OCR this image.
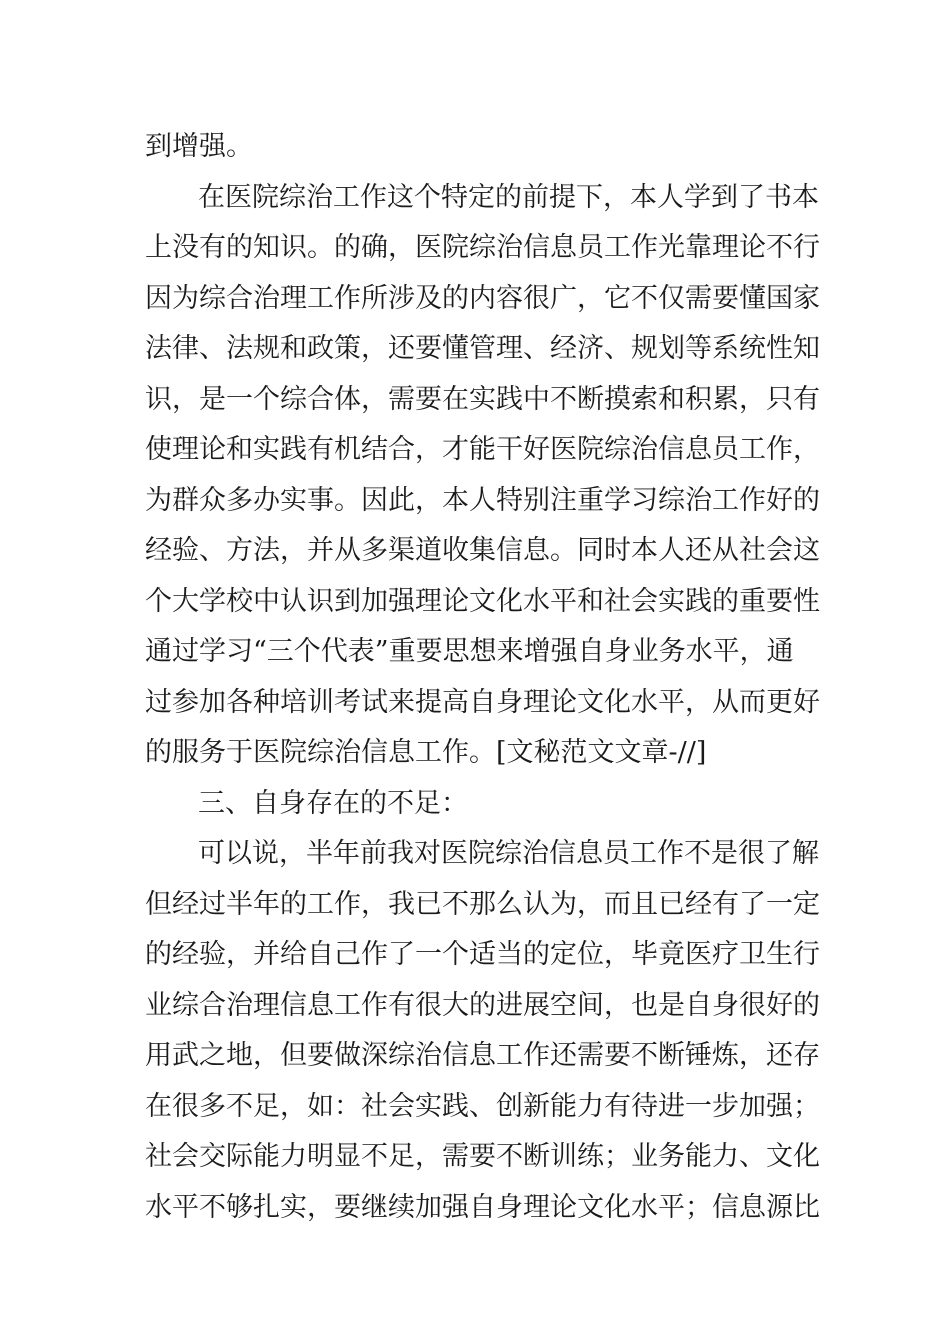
到增强。
在医院综治工作这个特定的前提下，本人学到了书本
上没有的知识。的确，医院综治信息员工作光靠理论不行
因为综合治理工作所涉及的内容很广，它不仅需要懂国家
法律、法规和政策，还要懂管理、经济、规划等系统性知
识，是一个综合体，需要在实践中不断摸索和积累，只有
使理论和实践有机结合，才能干好医院综治信息员工作，
为群众多办实事。因此，本人特别注重学习综治工作好的
经验、方法，并从多渠道收集信息。同时本人还从社会这
个大学校中认识到加强理论文化水平和社会实践的重要性
通过学习“三个代表”重要思想来增强自身业务水平，通
过参加各种培训考试来提高自身理论文化水平，从而更好
的服务于医院综治信息工作。[文秘范文文章-//]
三、自身存在的不足：
可以说，半年前我对医院综治信息员工作不是很了解
但经过半年的工作，我已不那么认为，而且已经有了一定
的经验，并给自己作了一个适当的定位，毕竟医疗卫生行
业综合治理信息工作有很大的进展空间，也是自身很好的
用武之地，但要做深综治信息工作还需要不断锤炼，还存
在很多不足，如：社会实践、创新能力有待进一步加强；
社会交际能力明显不足，需要不断训练；业务能力、文化
水平不够扎实，要继续加强自身理论文化水平；信息源比
